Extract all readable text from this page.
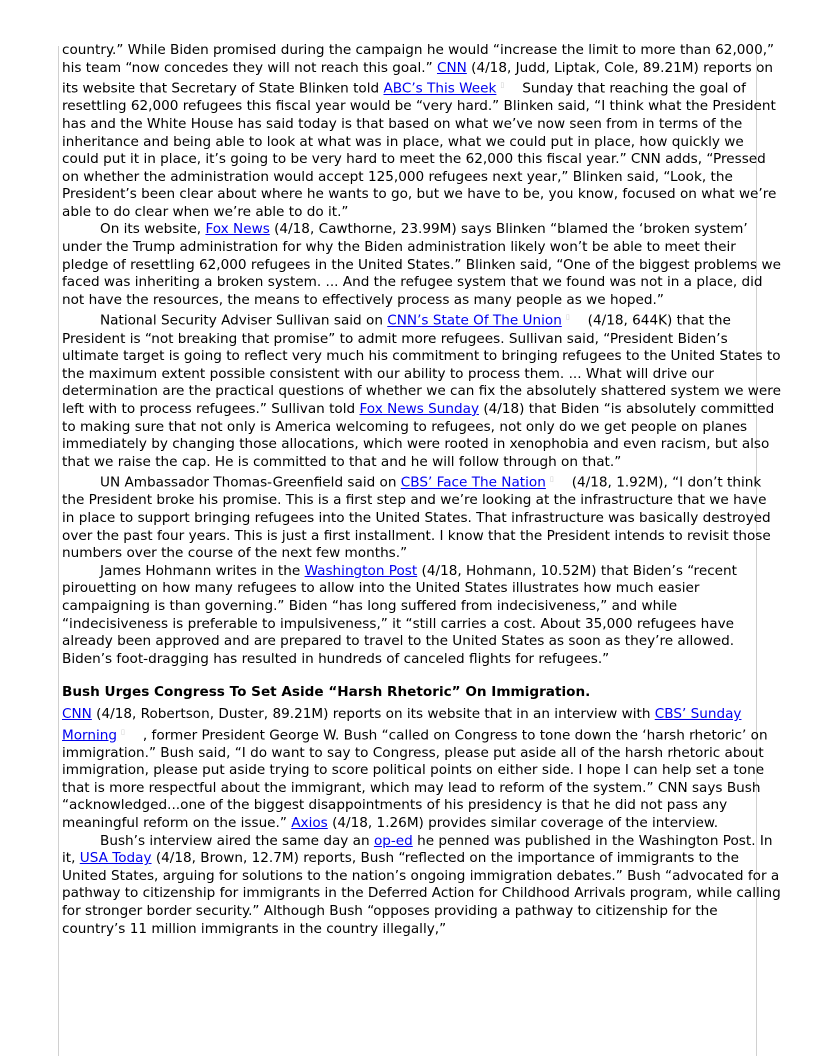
country.” While Biden promised during the campaign he would “increase the limit to more than 62,000,” his team “now concedes they will not reach this goal.” CNN (4/18, Judd, Liptak, Cole, 89.21M) reports on its website that Secretary of State Blinken told ABC’s This Week ▯ Sunday that reaching the goal of resettling 62,000 refugees this fiscal year would be “very hard.” Blinken said, “I think what the President has and the White House has said today is that based on what we’ve now seen from in terms of the inheritance and being able to look at what was in place, what we could put in place, how quickly we could put it in place, it’s going to be very hard to meet the 62,000 this fiscal year.” CNN adds, “Pressed on whether the administration would accept 125,000 refugees next year,” Blinken said, “Look, the President’s been clear about where he wants to go, but we have to be, you know, focused on what we’re able to do clear when we’re able to do it.”

On its website, Fox News (4/18, Cawthorne, 23.99M) says Blinken “blamed the ‘broken system’ under the Trump administration for why the Biden administration likely won’t be able to meet their pledge of resettling 62,000 refugees in the United States.” Blinken said, “One of the biggest problems we faced was inheriting a broken system. ... And the refugee system that we found was not in a place, did not have the resources, the means to effectively process as many people as we hoped.”

National Security Adviser Sullivan said on CNN’s State Of The Union ▯ (4/18, 644K) that the President is “not breaking that promise” to admit more refugees. Sullivan said, “President Biden’s ultimate target is going to reflect very much his commitment to bringing refugees to the United States to the maximum extent possible consistent with our ability to process them. ... What will drive our determination are the practical questions of whether we can fix the absolutely shattered system we were left with to process refugees.” Sullivan told Fox News Sunday (4/18) that Biden “is absolutely committed to making sure that not only is America welcoming to refugees, not only do we get people on planes immediately by changing those allocations, which were rooted in xenophobia and even racism, but also that we raise the cap. He is committed to that and he will follow through on that.”

UN Ambassador Thomas-Greenfield said on CBS’ Face The Nation ▯ (4/18, 1.92M), “I don’t think the President broke his promise. This is a first step and we’re looking at the infrastructure that we have in place to support bringing refugees into the United States. That infrastructure was basically destroyed over the past four years. This is just a first installment. I know that the President intends to revisit those numbers over the course of the next few months.”

James Hohmann writes in the Washington Post (4/18, Hohmann, 10.52M) that Biden’s “recent pirouetting on how many refugees to allow into the United States illustrates how much easier campaigning is than governing.” Biden “has long suffered from indecisiveness,” and while “indecisiveness is preferable to impulsiveness,” it “still carries a cost. About 35,000 refugees have already been approved and are prepared to travel to the United States as soon as they’re allowed. Biden’s foot-dragging has resulted in hundreds of canceled flights for refugees.”

Bush Urges Congress To Set Aside “Harsh Rhetoric” On Immigration.

CNN (4/18, Robertson, Duster, 89.21M) reports on its website that in an interview with CBS’ Sunday Morning ▯ , former President George W. Bush “called on Congress to tone down the ‘harsh rhetoric’ on immigration.” Bush said, “I do want to say to Congress, please put aside all of the harsh rhetoric about immigration, please put aside trying to score political points on either side. I hope I can help set a tone that is more respectful about the immigrant, which may lead to reform of the system.” CNN says Bush “acknowledged...one of the biggest disappointments of his presidency is that he did not pass any meaningful reform on the issue.” Axios (4/18, 1.26M) provides similar coverage of the interview.

Bush’s interview aired the same day an op-ed he penned was published in the Washington Post. In it, USA Today (4/18, Brown, 12.7M) reports, Bush “reflected on the importance of immigrants to the United States, arguing for solutions to the nation’s ongoing immigration debates.” Bush “advocated for a pathway to citizenship for immigrants in the Deferred Action for Childhood Arrivals program, while calling for stronger border security.” Although Bush “opposes providing a pathway to citizenship for the country’s 11 million immigrants in the country illegally,”
